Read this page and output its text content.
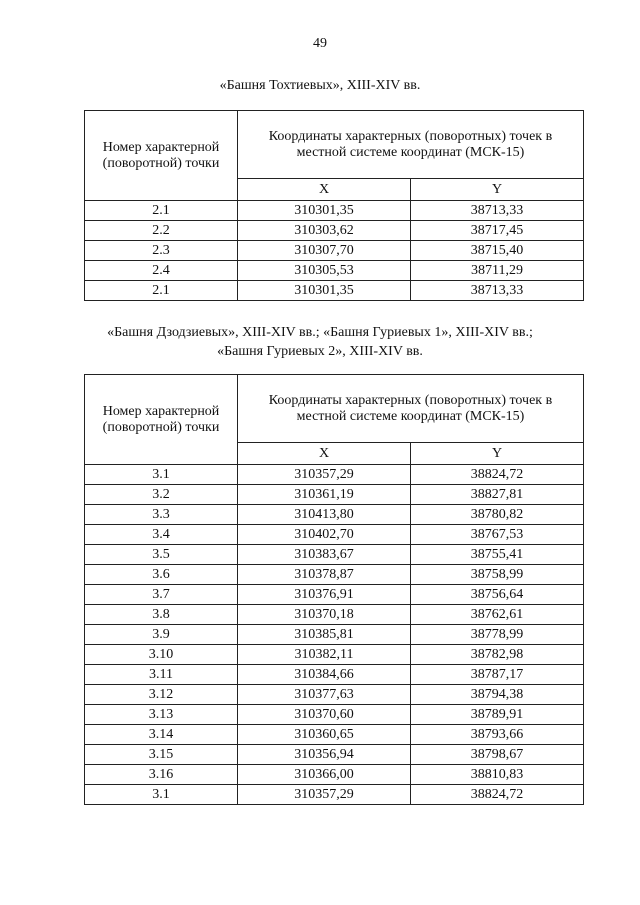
49
«Башня Тохтиевых», XIII-XIV вв.
Номер характерной (поворотной) точки	Координаты характерных (поворотных) точек в местной системе координат (МСК-15)	
	X	Y
2.1	310301,35	38713,33
2.2	310303,62	38717,45
2.3	310307,70	38715,40
2.4	310305,53	38711,29
2.1	310301,35	38713,33
«Башня Дзодзиевых», XIII-XIV вв.; «Башня Гуриевых 1», XIII-XIV вв.;
«Башня Гуриевых 2», XIII-XIV вв.
Номер характерной (поворотной) точки	Координаты характерных (поворотных) точек в местной системе координат (МСК-15)	
	X	Y
3.1	310357,29	38824,72
3.2	310361,19	38827,81
3.3	310413,80	38780,82
3.4	310402,70	38767,53
3.5	310383,67	38755,41
3.6	310378,87	38758,99
3.7	310376,91	38756,64
3.8	310370,18	38762,61
3.9	310385,81	38778,99
3.10	310382,11	38782,98
3.11	310384,66	38787,17
3.12	310377,63	38794,38
3.13	310370,60	38789,91
3.14	310360,65	38793,66
3.15	310356,94	38798,67
3.16	310366,00	38810,83
3.1	310357,29	38824,72
